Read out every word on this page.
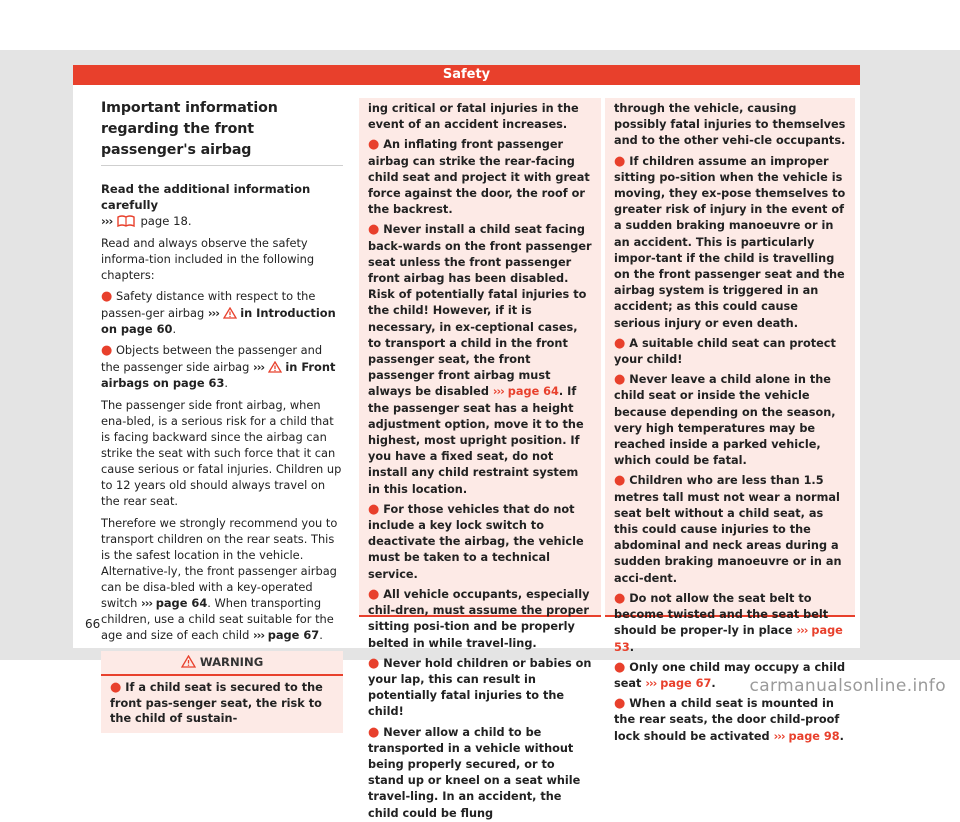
Safety
Important information regarding the front passenger's airbag
Read the additional information carefully
››› page 18.
Read and always observe the safety informa-tion included in the following chapters:
● Safety distance with respect to the passen-ger airbag ››› in Introduction on page 60.
● Objects between the passenger and the passenger side airbag ››› in Front airbags on page 63.
The passenger side front airbag, when ena-bled, is a serious risk for a child that is facing backward since the airbag can strike the seat with such force that it can cause serious or fatal injuries. Children up to 12 years old should always travel on the rear seat.
Therefore we strongly recommend you to transport children on the rear seats. This is the safest location in the vehicle. Alternative-ly, the front passenger airbag can be disa-bled with a key-operated switch ››› page 64. When transporting children, use a child seat suitable for the age and size of each child ››› page 67.
WARNING
● If a child seat is secured to the front pas-senger seat, the risk to the child of sustain-

ing critical or fatal injuries in the event of an accident increases.

● An inflating front passenger airbag can strike the rear-facing child seat and project it with great force against the door, the roof or the backrest.

● Never install a child seat facing back-wards on the front passenger seat unless the front passenger front airbag has been disabled. Risk of potentially fatal injuries to the child! However, if it is necessary, in ex-ceptional cases, to transport a child in the front passenger seat, the front passenger front airbag must always be disabled ››› page 64. If the passenger seat has a height adjustment option, move it to the highest, most upright position. If you have a fixed seat, do not install any child restraint system in this location.

● For those vehicles that do not include a key lock switch to deactivate the airbag, the vehicle must be taken to a technical service.

● All vehicle occupants, especially chil-dren, must assume the proper sitting posi-tion and be properly belted in while travel-ling.

● Never hold children or babies on your lap, this can result in potentially fatal injuries to the child!

● Never allow a child to be transported in a vehicle without being properly secured, or to stand up or kneel on a seat while travel-ling. In an accident, the child could be flung

through the vehicle, causing possibly fatal injuries to themselves and to the other vehi-cle occupants.

● If children assume an improper sitting po-sition when the vehicle is moving, they ex-pose themselves to greater risk of injury in the event of a sudden braking manoeuvre or in an accident. This is particularly impor-tant if the child is travelling on the front passenger seat and the airbag system is triggered in an accident; as this could cause serious injury or even death.

● A suitable child seat can protect your child!

● Never leave a child alone in the child seat or inside the vehicle because depending on the season, very high temperatures may be reached inside a parked vehicle, which could be fatal.

● Children who are less than 1.5 metres tall must not wear a normal seat belt without a child seat, as this could cause injuries to the abdominal and neck areas during a sudden braking manoeuvre or in an acci-dent.

● Do not allow the seat belt to become twisted and the seat belt should be proper-ly in place ››› page 53.

● Only one child may occupy a child seat ››› page 67.

● When a child seat is mounted in the rear seats, the door child-proof lock should be activated ››› page 98.

66
carmanualsonline.info
